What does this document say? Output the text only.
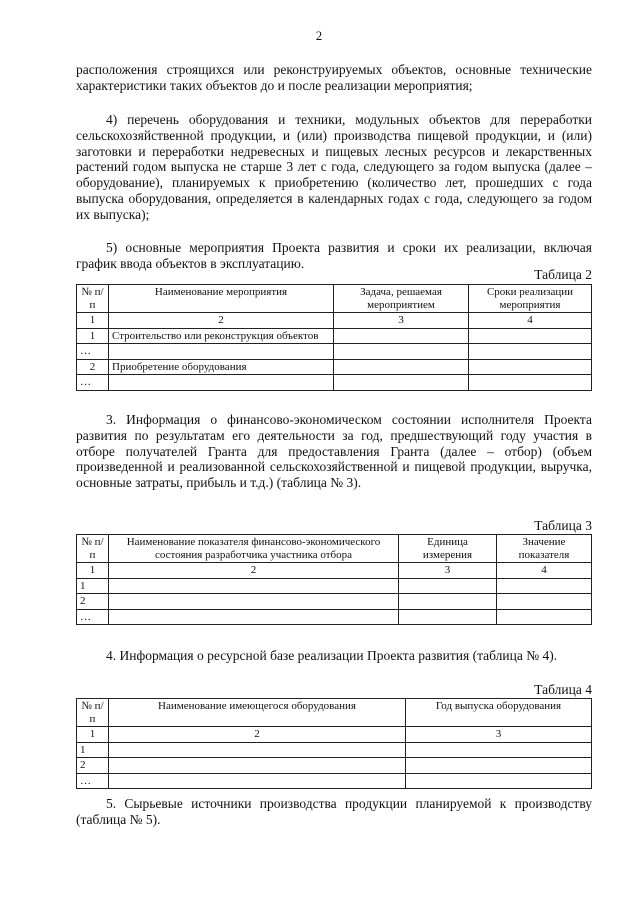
2

расположения строящихся или реконструируемых объектов, основные технические характеристики таких объектов до и после реализации мероприятия;

4) перечень оборудования и техники, модульных объектов для переработки сельскохозяйственной продукции, и (или) производства пищевой продукции, и (или) заготовки и переработки недревесных и пищевых лесных ресурсов и лекарственных растений годом выпуска не старше 3 лет с года, следующего за годом выпуска (далее – оборудование), планируемых к приобретению (количество лет, прошедших с года выпуска оборудования, определяется в календарных годах с года, следующего за годом их выпуска);

5) основные мероприятия Проекта развития и сроки их реализации, включая график ввода объектов в эксплуатацию.

Таблица 2
№ п/п	Наименование мероприятия	Задача, решаемая мероприятием	Сроки реализации мероприятия
1	2	3	4
1	Строительство или реконструкция объектов		
…			
2	Приобретение оборудования		
…			

3. Информация о финансово-экономическом состоянии исполнителя Проекта развития по результатам его деятельности за год, предшествующий году участия в отборе получателей Гранта для предоставления Гранта (далее – отбор) (объем произведенной и реализованной сельскохозяйственной и пищевой продукции, выручка, основные затраты, прибыль и т.д.) (таблица № 3).

Таблица 3
№ п/п	Наименование показателя финансово-экономического состояния разработчика участника отбора	Единица измерения	Значение показателя
1	2	3	4
1			
2			
…			

4. Информация о ресурсной базе реализации Проекта развития (таблица № 4).

Таблица 4
№ п/п	Наименование имеющегося оборудования	Год выпуска оборудования
1	2	3
1		
2		
…		

5. Сырьевые источники производства продукции планируемой к производству (таблица № 5).
